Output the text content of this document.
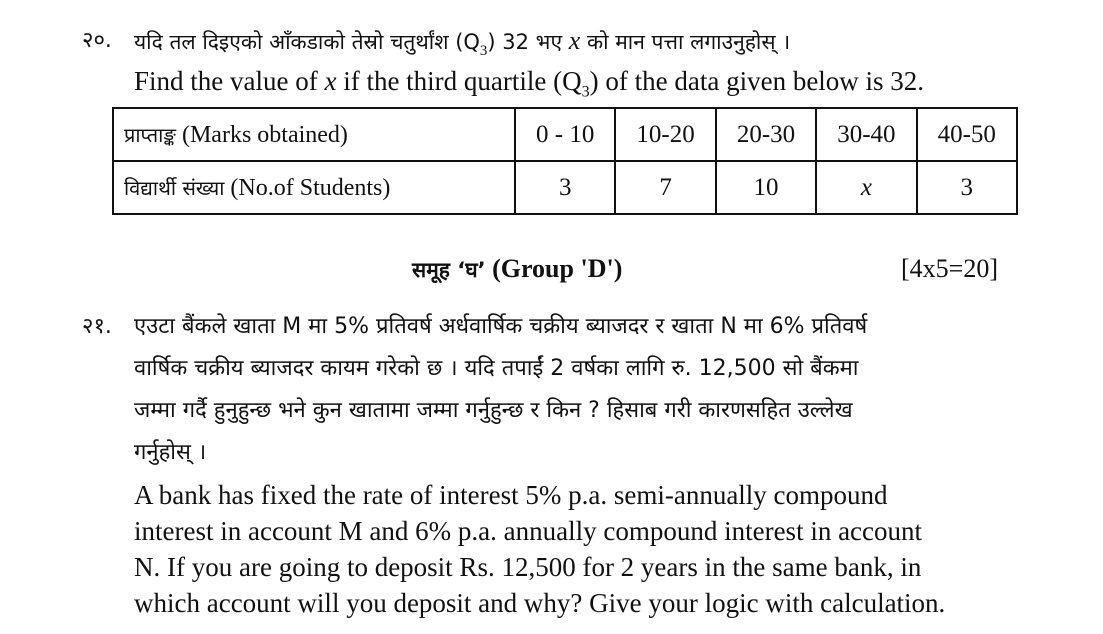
२०. यदि तल दिइएको आँकडाको तेस्रो चतुर्थांश $(Q_3)$ 32 भए x को मान पत्ता लगाउनुहोस् ।
Find the value of x if the third quartile $(Q_3)$ of the data given below is 32.
प्राप्ताङ्क (Marks obtained)	0 - 10	10-20	20-30	30-40	40-50
विद्यार्थी संख्या (No.of Students)	3	7	10	x	3
समूह ‘घ’ (Group 'D')	[4x5=20]
२१. एउटा बैंकले खाता M मा 5% प्रतिवर्ष अर्धवार्षिक चक्रीय ब्याजदर र खाता N मा 6% प्रतिवर्ष
वार्षिक चक्रीय ब्याजदर कायम गरेको छ । यदि तपाईं 2 वर्षका लागि रु. 12,500 सो बैंकमा
जम्मा गर्दै हुनुहुन्छ भने कुन खातामा जम्मा गर्नुहुन्छ र किन ? हिसाब गरी कारणसहित उल्लेख
गर्नुहोस् ।
A bank has fixed the rate of interest 5% p.a. semi-annually compound
interest in account M and 6% p.a. annually compound interest in account
N. If you are going to deposit Rs. 12,500 for 2 years in the same bank, in
which account will you deposit and why? Give your logic with calculation.
